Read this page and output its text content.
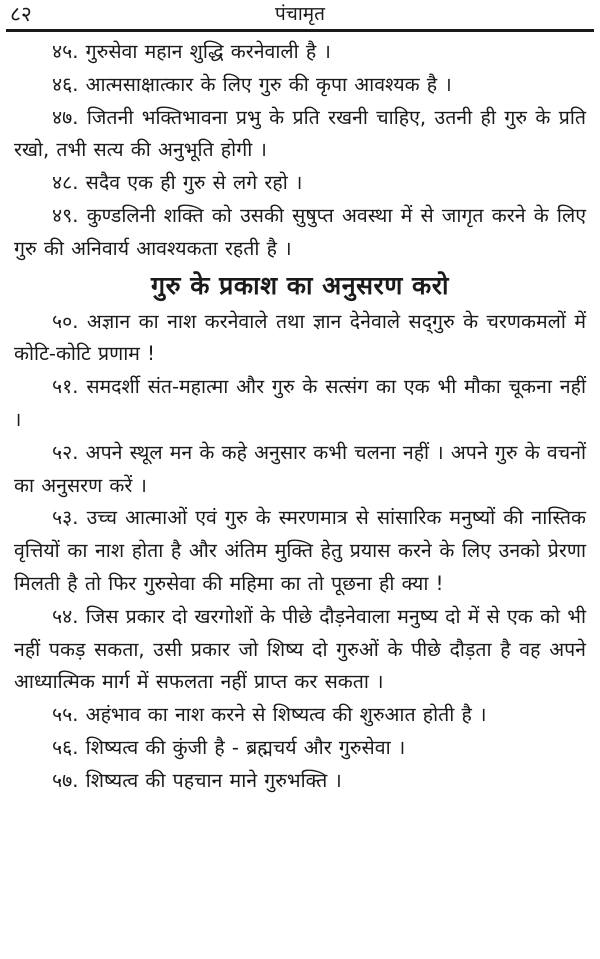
८२	पंचामृत

४५. गुरुसेवा महान शुद्धि करनेवाली है ।

४६. आत्मसाक्षात्कार के लिए गुरु की कृपा आवश्यक है ।

४७. जितनी भक्तिभावना प्रभु के प्रति रखनी चाहिए, उतनी ही गुरु के प्रति रखो, तभी सत्य की अनुभूति होगी ।

४८. सदैव एक ही गुरु से लगे रहो ।

४९. कुण्डलिनी शक्ति को उसकी सुषुप्त अवस्था में से जागृत करने के लिए गुरु की अनिवार्य आवश्यकता रहती है ।

गुरु के प्रकाश का अनुसरण करो

५०. अज्ञान का नाश करनेवाले तथा ज्ञान देनेवाले सद्‌गुरु के चरणकमलों में कोटि-कोटि प्रणाम !

५१. समदर्शी संत-महात्मा और गुरु के सत्संग का एक भी मौका चूकना नहीं ।

५२. अपने स्थूल मन के कहे अनुसार कभी चलना नहीं । अपने गुरु के वचनों का अनुसरण करें ।

५३. उच्च आत्माओं एवं गुरु के स्मरणमात्र से सांसारिक मनुष्यों की नास्तिक वृत्तियों का नाश होता है और अंतिम मुक्ति हेतु प्रयास करने के लिए उनको प्रेरणा मिलती है तो फिर गुरुसेवा की महिमा का तो पूछना ही क्या !

५४. जिस प्रकार दो खरगोशों के पीछे दौड़नेवाला मनुष्य दो में से एक को भी नहीं पकड़ सकता, उसी प्रकार जो शिष्य दो गुरुओं के पीछे दौड़ता है वह अपने आध्यात्मिक मार्ग में सफलता नहीं प्राप्त कर सकता ।

५५. अहंभाव का नाश करने से शिष्यत्व की शुरुआत होती है ।

५६. शिष्यत्व की कुंजी है - ब्रह्मचर्य और गुरुसेवा ।

५७. शिष्यत्व की पहचान माने गुरुभक्ति ।
